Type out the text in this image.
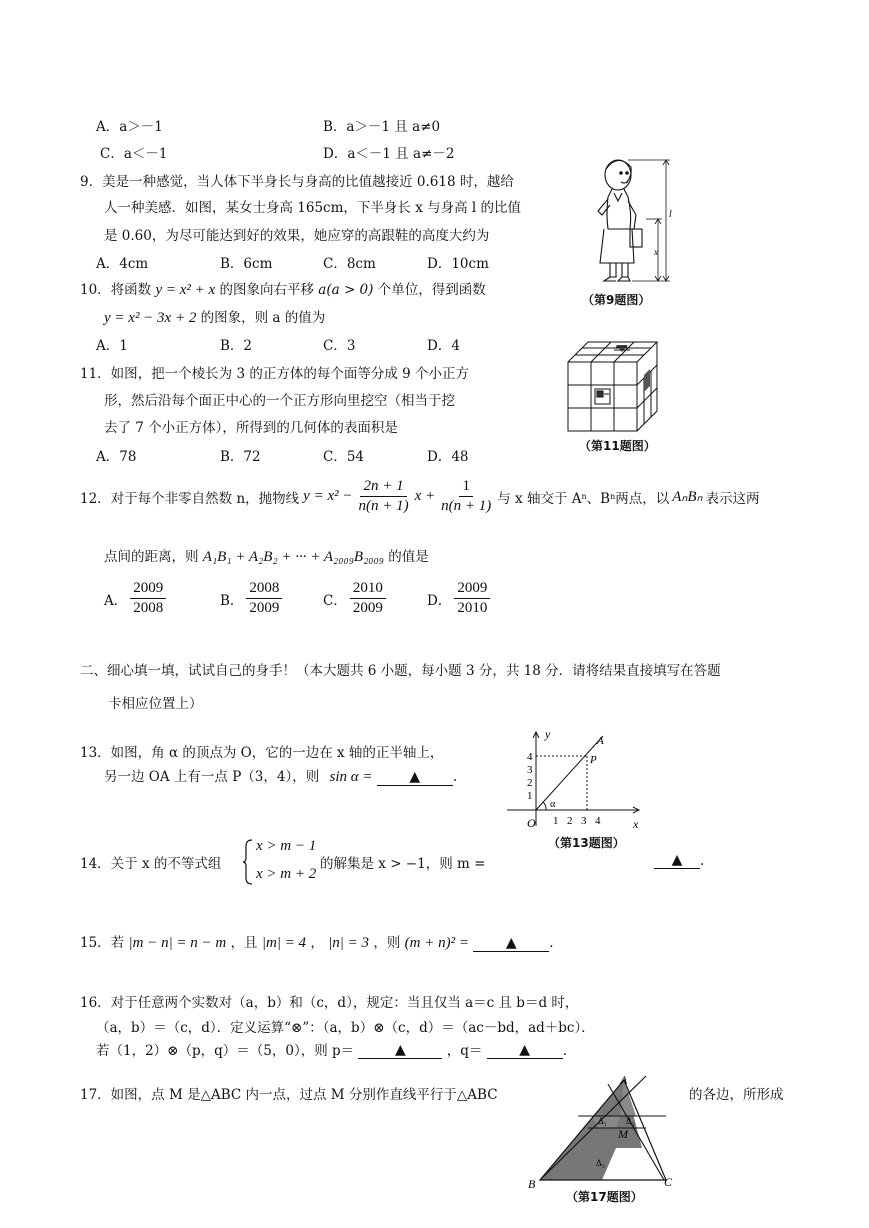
A．a＞－1	B．a＞－1 且 a≠0
C．a＜－1	D．a＜－1 且 a≠－2
9．美是一种感觉，当人体下半身长与身高的比值越接近 0.618 时，越给
人一种美感．如图，某女士身高 165cm，下半身长 x 与身高 l 的比值
是 0.60，为尽可能达到好的效果，她应穿的高跟鞋的高度大约为
A．4cm	B．6cm	C．8cm	D．10cm
l
x
（第9题图）
10．将函数 y = x² + x 的图象向右平移 a(a > 0) 个单位，得到函数
y = x² − 3x + 2 的图象，则 a 的值为
A．1	B．2	C．3	D．4
11．如图，把一个棱长为 3 的正方体的每个面等分成 9 个小正方
形，然后沿每个面正中心的一个正方形向里挖空（相当于挖
去了 7 个小正方体），所得到的几何体的表面积是
A．78	B．72	C．54	D．48
（第11题图）
12．对于每个非零自然数 n，抛物线 $y = x^2 - \frac{2n + 1}{n(n + 1)}$ $x + \frac{1}{n(n + 1)}$ 与 x 轴交于 A n 、B n 两点，以 AₙBₙ 表示这两
点间的距离，则 A₁B₁ + A₂B₂ + ··· + A₂₀₀₉B₂₀₀₉ 的值是
A． $\frac{2009}{2008}$	B． $\frac{2008}{2009}$	C． $\frac{2010}{2009}$	D． $\frac{2009}{2010}$
二、细心填一填，试试自己的身手！（本大题共 6 小题，每小题 3 分，共 18 分．请将结果直接填写在答题
卡相应位置上）
13．如图，角 α 的顶点为 O，它的一边在 x 轴的正半轴上，
另一边 OA 上有一点 P（3，4），则 sin α =	▲ .
y
x
A
P
O
α
4
3
2
1
1 2 3 4
（第13题图）
14．关于 x 的不等式组
x > m − 1
x > m + 2
的解集是 x > −1，则 m =	▲ .
15．若 |m − n| = n − m ，且 |m| = 4 ， |n| = 3 ，则 (m + n)² =	▲ .
16．对于任意两个实数对（a，b）和（c，d），规定：当且仅当 a＝c 且 b＝d 时，
（a，b）＝（c，d）．定义运算“⊗”：（a，b）⊗（c，d）＝（ac－bd，ad＋bc）．
若（1，2）⊗（p，q）＝（5，0），则 p＝	▲	，q＝	▲ .
17．如图，点 M 是△ABC 内一点，过点 M 分别作直线平行于△ABC	的各边，所形成
A
B	C
M
Δ₁ Δ₂
Δ₃
（第17题图）
